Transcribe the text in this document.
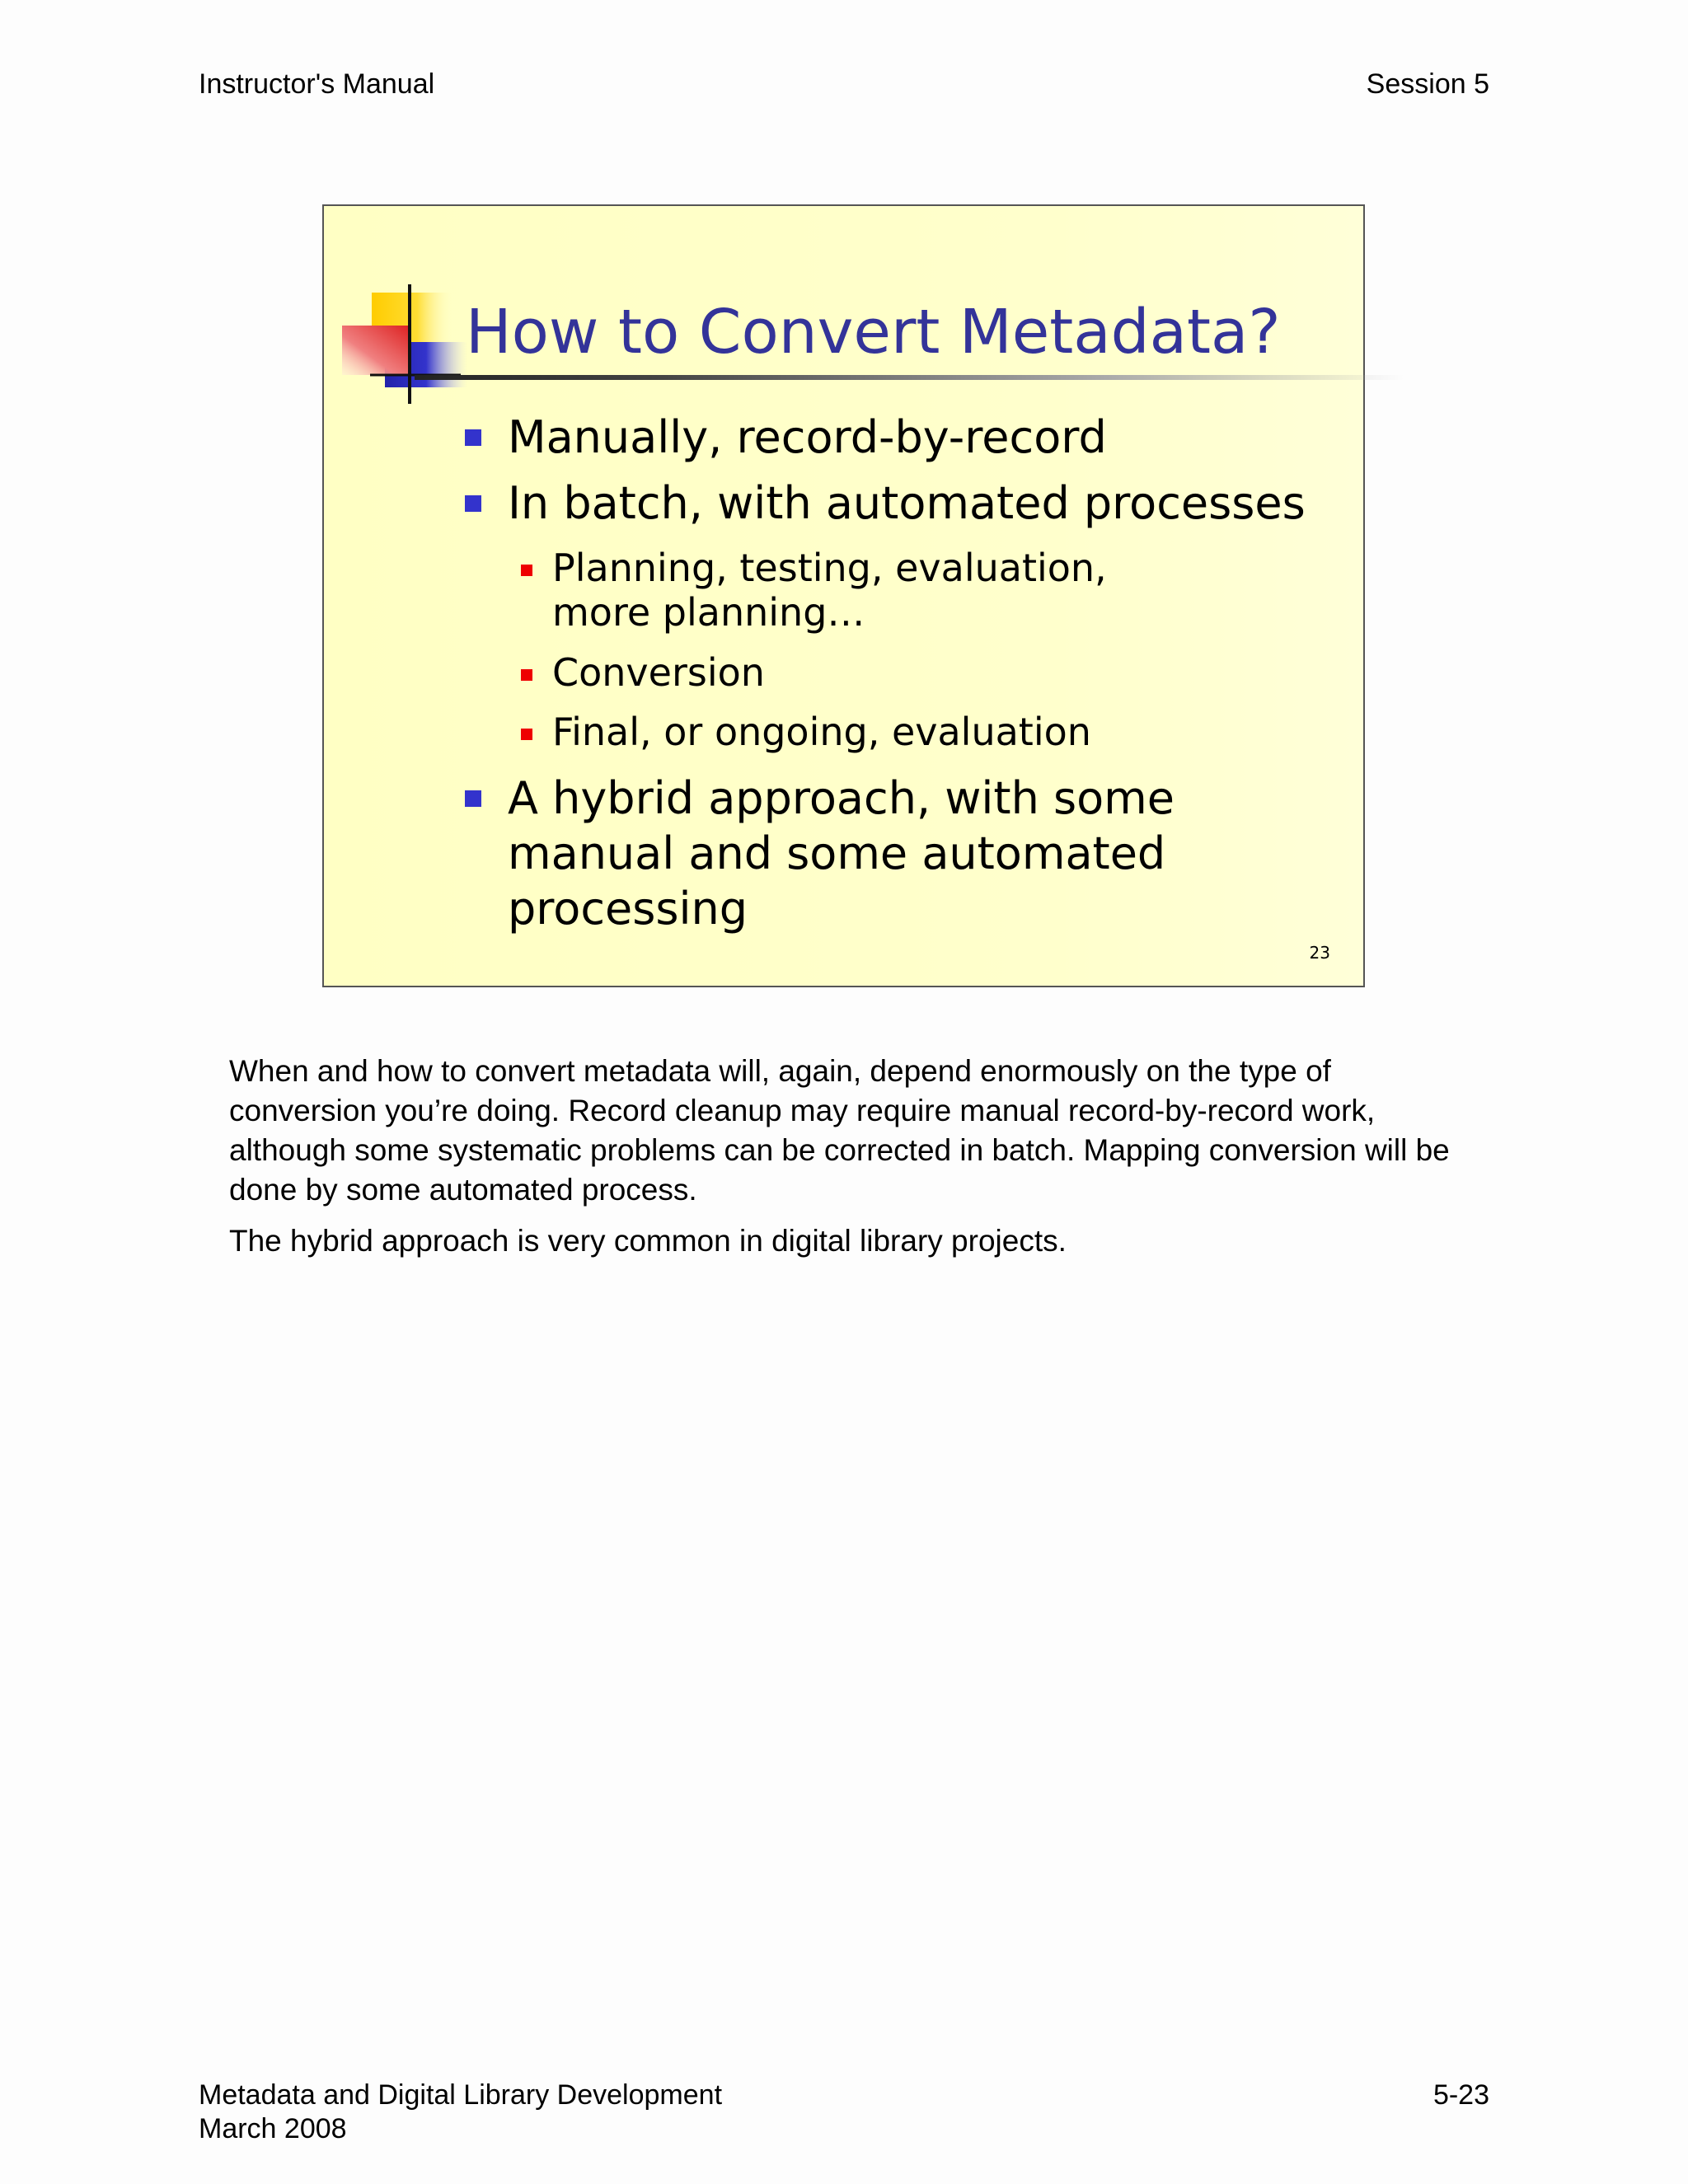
Instructor's Manual	Session 5
How to Convert Metadata?
Manually, record-by-record
In batch, with automated processes
Planning, testing, evaluation, more planning…
Conversion
Final, or ongoing, evaluation
A hybrid approach, with some manual and some automated processing
23

When and how to convert metadata will, again, depend enormously on the type of conversion you’re doing. Record cleanup may require manual record-by-record work, although some systematic problems can be corrected in batch. Mapping conversion will be done by some automated process.

The hybrid approach is very common in digital library projects.

Metadata and Digital Library Development
March 2008
5-23
